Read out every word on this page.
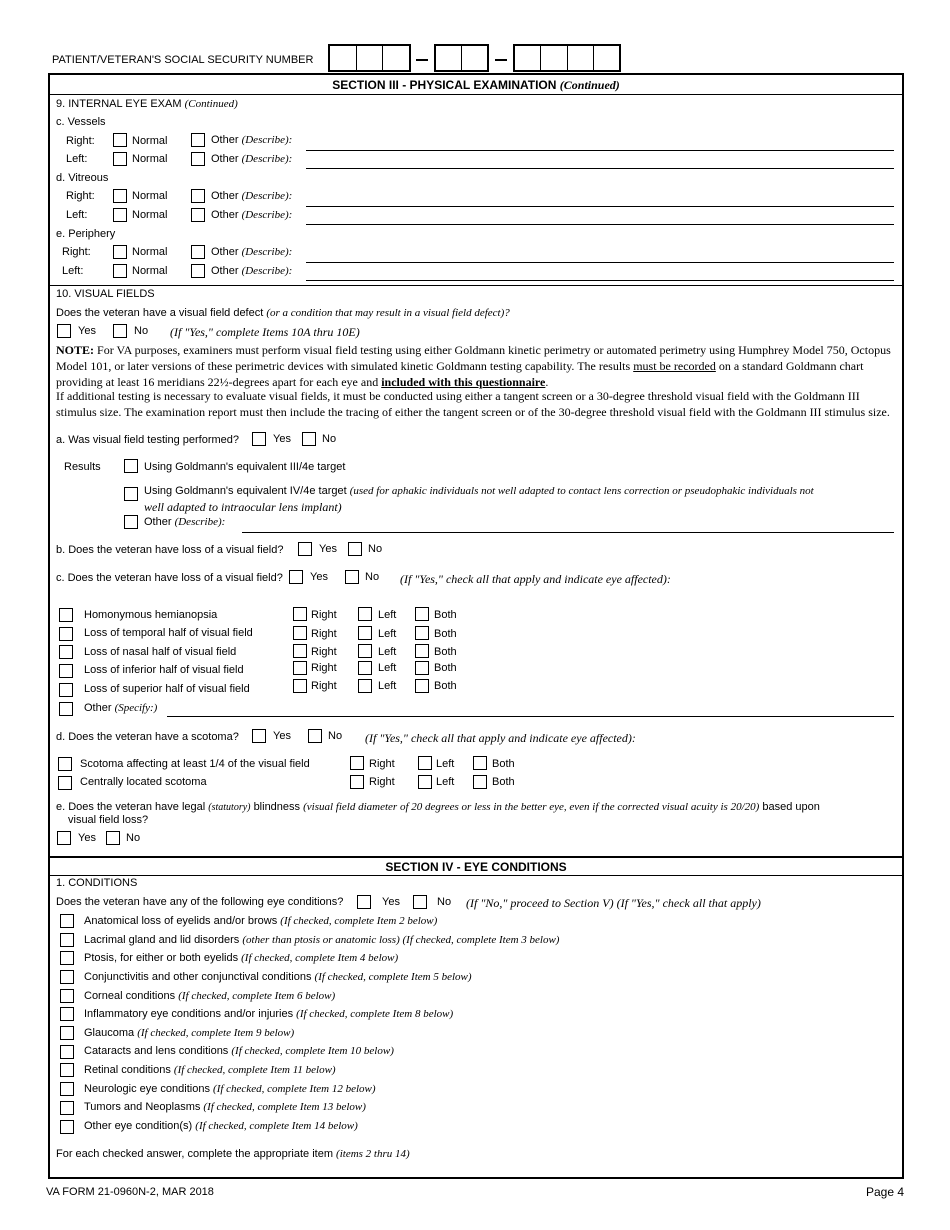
PATIENT/VETERAN'S SOCIAL SECURITY NUMBER
SECTION III - PHYSICAL EXAMINATION (Continued)
9. INTERNAL EYE EXAM (Continued)
c. Vessels
Right:	Normal	Other (Describe):
Left:	Normal	Other (Describe):
d. Vitreous
Right:	Normal	Other (Describe):
Left:	Normal	Other (Describe):
e. Periphery
Right:	Normal	Other (Describe):
Left:	Normal	Other (Describe):
10. VISUAL FIELDS
Does the veteran have a visual field defect (or a condition that may result in a visual field defect)?
Yes	No (If "Yes," complete Items 10A thru 10E)
NOTE: For VA purposes, examiners must perform visual field testing using either Goldmann kinetic perimetry or automated perimetry using Humphrey Model 750, Octopus Model 101, or later versions of these perimetric devices with simulated kinetic Goldmann testing capability. The results must be recorded on a standard Goldmann chart providing at least 16 meridians 22½-degrees apart for each eye and included with this questionnaire.
If additional testing is necessary to evaluate visual fields, it must be conducted using either a tangent screen or a 30-degree threshold visual field with the Goldmann III stimulus size. The examination report must then include the tracing of either the tangent screen or of the 30-degree threshold visual field with the Goldmann III stimulus size.
a. Was visual field testing performed?	Yes	No
Results	Using Goldmann's equivalent III/4e target
Using Goldmann's equivalent IV/4e target (used for aphakic individuals not well adapted to contact lens correction or pseudophakic individuals not
well adapted to intraocular lens implant)
Other (Describe):
b. Does the veteran have loss of a visual field?	Yes	No
c. Does the veteran have loss of a visual field? Yes	No (If "Yes," check all that apply and indicate eye affected):
Homonymous hemianopsia	Right	Left	Both
Loss of temporal half of visual field	Right	Left	Both
Loss of nasal half of visual field	Right	Left	Both
Loss of inferior half of visual field	Right	Left	Both
Loss of superior half of visual field	Right	Left	Both
Other (Specify:)
d. Does the veteran have a scotoma?	Yes	No (If "Yes," check all that apply and indicate eye affected):
Scotoma affecting at least 1/4 of the visual field	Right	Left	Both
Centrally located scotoma	Right	Left	Both
e. Does the veteran have legal (statutory) blindness (visual field diameter of 20 degrees or less in the better eye, even if the corrected visual acuity is 20/20) based upon
visual field loss?
Yes	No
SECTION IV - EYE CONDITIONS
1. CONDITIONS
Does the veteran have any of the following eye conditions?	Yes	No (If "No," proceed to Section V) (If "Yes," check all that apply)
Anatomical loss of eyelids and/or brows (If checked, complete Item 2 below)
Lacrimal gland and lid disorders (other than ptosis or anatomic loss) (If checked, complete Item 3 below)
Ptosis, for either or both eyelids (If checked, complete Item 4 below)
Conjunctivitis and other conjunctival conditions (If checked, complete Item 5 below)
Corneal conditions (If checked, complete Item 6 below)
Inflammatory eye conditions and/or injuries (If checked, complete Item 8 below)
Glaucoma (If checked, complete Item 9 below)
Cataracts and lens conditions (If checked, complete Item 10 below)
Retinal conditions (If checked, complete Item 11 below)
Neurologic eye conditions (If checked, complete Item 12 below)
Tumors and Neoplasms (If checked, complete Item 13 below)
Other eye condition(s) (If checked, complete Item 14 below)
For each checked answer, complete the appropriate item (items 2 thru 14)
VA FORM 21-0960N-2, MAR 2018	Page 4
